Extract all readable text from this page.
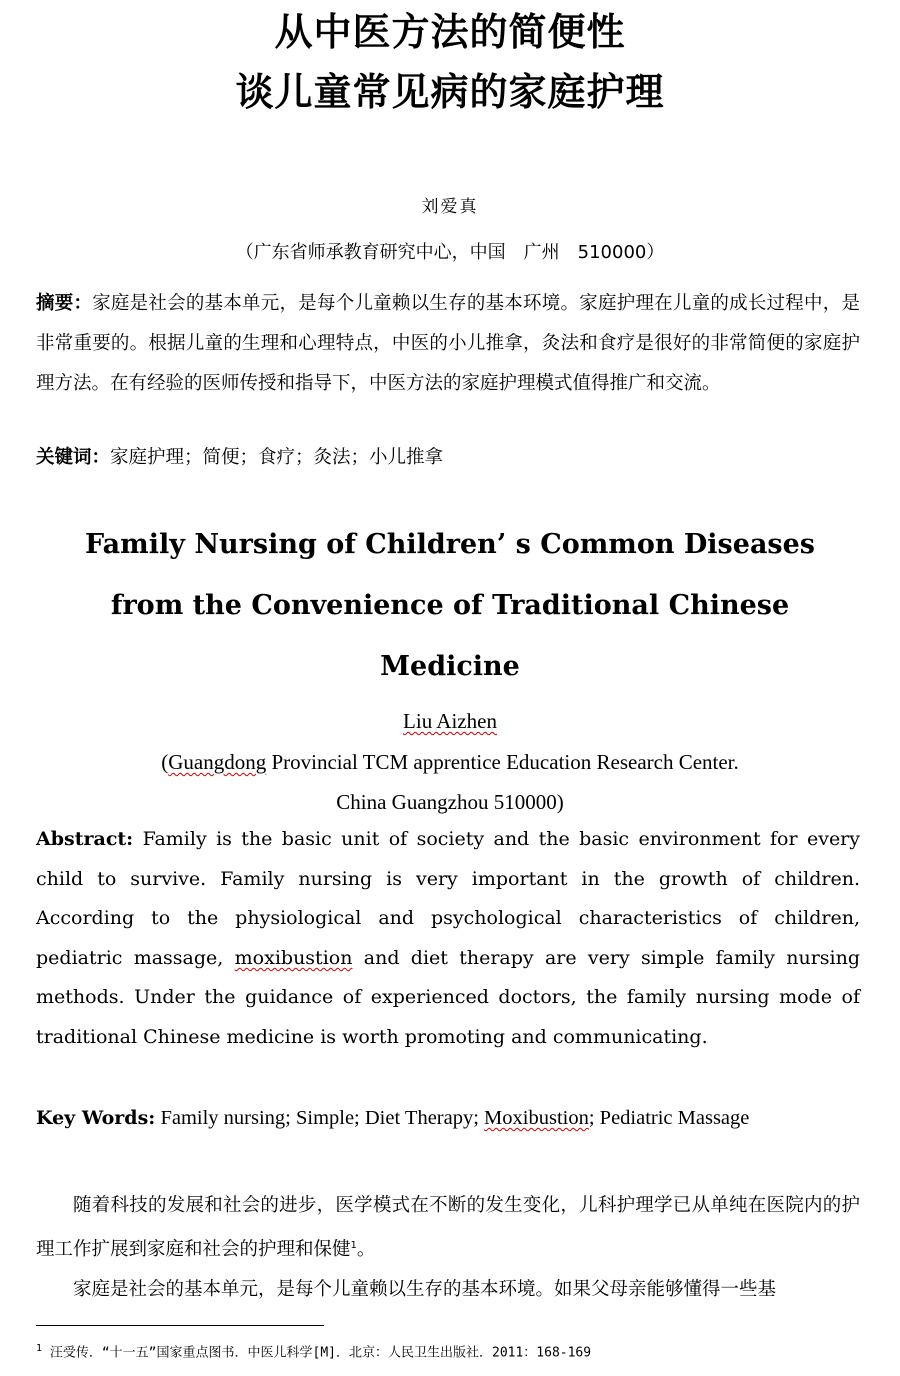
从中医方法的简便性
谈儿童常见病的家庭护理
刘爱真
（广东省师承教育研究中心，中国　广州　510000）
摘要：家庭是社会的基本单元，是每个儿童赖以生存的基本环境。家庭护理在儿童的成长过程中，是非常重要的。根据儿童的生理和心理特点，中医的小儿推拿，灸法和食疗是很好的非常简便的家庭护理方法。在有经验的医师传授和指导下，中医方法的家庭护理模式值得推广和交流。
关键词：家庭护理；简便；食疗；灸法；小儿推拿
Family Nursing of Children’ s Common Diseases
from the Convenience of Traditional Chinese
Medicine
Liu Aizhen
(Guangdong Provincial TCM apprentice Education Research Center.
China Guangzhou 510000)
Abstract: Family is the basic unit of society and the basic environment for every child to survive. Family nursing is very important in the growth of children. According to the physiological and psychological characteristics of children, pediatric massage, moxibustion and diet therapy are very simple family nursing methods. Under the guidance of experienced doctors, the family nursing mode of traditional Chinese medicine is worth promoting and communicating.
Key Words: Family nursing; Simple; Diet Therapy; Moxibustion; Pediatric Massage

随着科技的发展和社会的进步，医学模式在不断的发生变化，儿科护理学已从单纯在医院内的护理工作扩展到家庭和社会的护理和保健$^1$。

家庭是社会的基本单元，是每个儿童赖以生存的基本环境。如果父母亲能够懂得一些基

$^1$ 汪受传．“十一五”国家重点图书．中医儿科学[M]．北京：人民卫生出版社．2011：168-169
